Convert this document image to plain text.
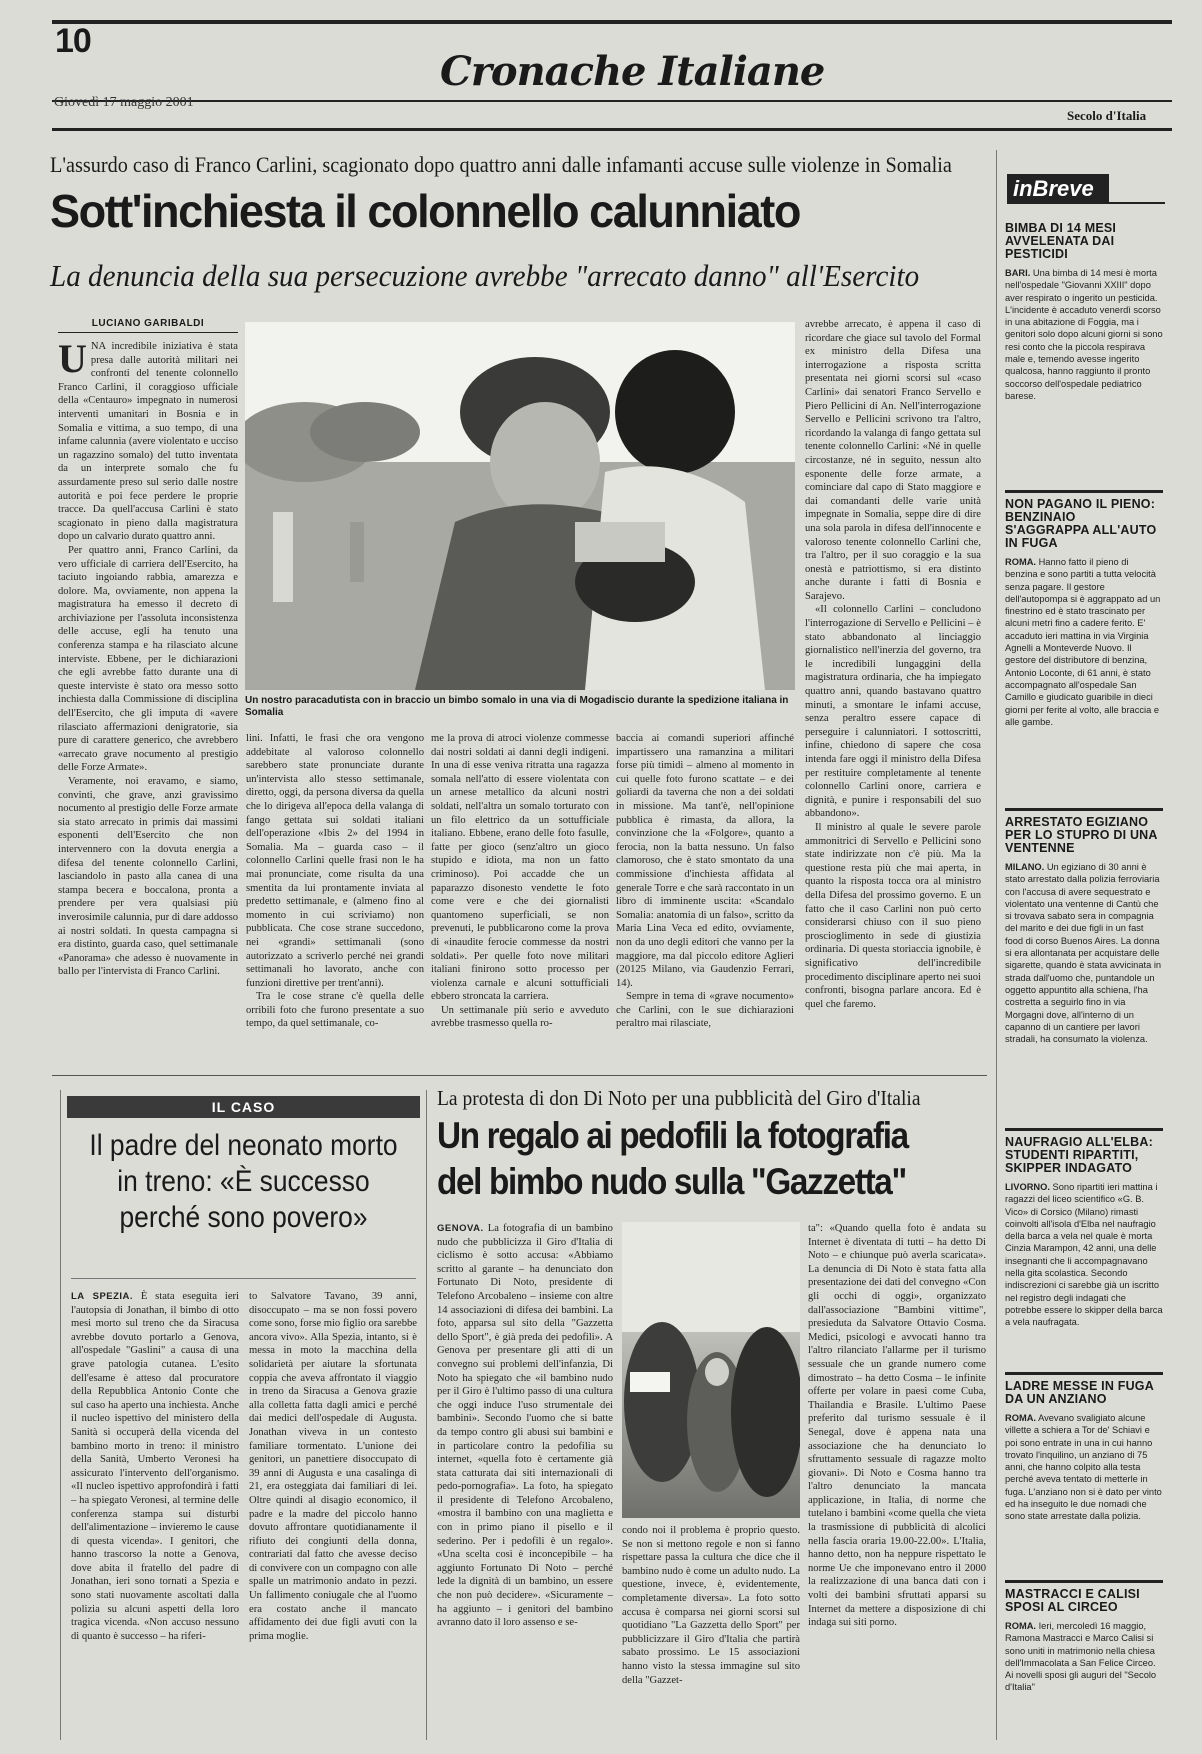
10
Cronache Italiane
Giovedì 17 maggio 2001
Secolo d'Italia
L'assurdo caso di Franco Carlini, scagionato dopo quattro anni dalle infamanti accuse sulle violenze in Somalia
Sott'inchiesta il colonnello calunniato
La denuncia della sua persecuzione avrebbe "arrecato danno" all'Esercito
LUCIANO GARIBALDI

UNA incredibile iniziativa è stata presa dalle autorità militari nei confronti del tenente colonnello Franco Carlini, il coraggioso ufficiale della «Centauro» impegnato in numerosi interventi umanitari in Bosnia e in Somalia e vittima, a suo tempo, di una infame calunnia (avere violentato e ucciso un ragazzino somalo) del tutto inventata da un interprete somalo che fu assurdamente preso sul serio dalle nostre autorità e poi fece perdere le proprie tracce. Da quell'accusa Carlini è stato scagionato in pieno dalla magistratura dopo un calvario durato quattro anni.

Per quattro anni, Franco Carlini, da vero ufficiale di carriera dell'Esercito, ha taciuto ingoiando rabbia, amarezza e dolore. Ma, ovviamente, non appena la magistratura ha emesso il decreto di archiviazione per l'assoluta inconsistenza delle accuse, egli ha tenuto una conferenza stampa e ha rilasciato alcune interviste. Ebbene, per le dichiarazioni che egli avrebbe fatto durante una di queste interviste è stato ora messo sotto inchiesta dalla Commissione di disciplina dell'Esercito, che gli imputa di «avere rilasciato affermazioni denigratorie, sia pure di carattere generico, che avrebbero «arrecato grave nocumento al prestigio delle Forze Armate».

Veramente, noi eravamo, e siamo, convinti, che grave, anzi gravissimo nocumento al prestigio delle Forze armate sia stato arrecato in primis dai massimi esponenti dell'Esercito che non intervennero con la dovuta energia a difesa del tenente colonnello Carlini, lasciandolo in pasto alla canea di una stampa becera e boccalona, pronta a prendere per vera qualsiasi più inverosimile calunnia, pur di dare addosso ai nostri soldati. In questa campagna si era distinto, guarda caso, quel settimanale «Panorama» che adesso è nuovamente in ballo per l'intervista di Franco Carlini.

Un nostro paracadutista con in braccio un bimbo somalo in una via di Mogadiscio durante la spedizione italiana in Somalia

avrebbe arrecato, è appena il caso di ricordare che giace sul tavolo del Formal ex ministro della Difesa una interrogazione a risposta scritta presentata nei giorni scorsi sul «caso Carlini» dai senatori Franco Servello e Piero Pellicini di An. Nell'interrogazione Servello e Pellicini scrivono tra l'altro, ricordando la valanga di fango gettata sul tenente colonnello Carlini: «Né in quelle circostanze, né in seguito, nessun alto esponente delle forze armate, a cominciare dal capo di Stato maggiore e dai comandanti delle varie unità impegnate in Somalia, seppe dire di dire una sola parola in difesa dell'innocente e valoroso tenente colonnello Carlini che, tra l'altro, per il suo coraggio e la sua onestà e patriottismo, si era distinto anche durante i fatti di Bosnia e Sarajevo.

«Il colonnello Carlini – concludono l'interrogazione di Servello e Pellicini – è stato abbandonato al linciaggio giornalistico nell'inerzia del governo, tra le incredibili lungaggini della magistratura ordinaria, che ha impiegato quattro anni, quando bastavano quattro minuti, a smontare le infami accuse, senza peraltro essere capace di perseguire i calunniatori. I sottoscritti, infine, chiedono di sapere che cosa intenda fare oggi il ministro della Difesa per restituire completamente al tenente colonnello Carlini onore, carriera e dignità, e punire i responsabili del suo abbandono».

Il ministro al quale le severe parole ammonitrici di Servello e Pellicini sono state indirizzate non c'è più. Ma la questione resta più che mai aperta, in quanto la risposta tocca ora al ministro della Difesa del prossimo governo. E un fatto che il caso Carlini non può certo considerarsi chiuso con il suo pieno proscioglimento in sede di giustizia ordinaria. Di questa storiaccia ignobile, è significativo dell'incredibile procedimento disciplinare aperto nei suoi confronti, bisogna parlare ancora. Ed è quel che faremo.

lini. Infatti, le frasi che ora vengono addebitate al valoroso colonnello sarebbero state pronunciate durante un'intervista allo stesso settimanale, diretto, oggi, da persona diversa da quella che lo dirigeva all'epoca della valanga di fango gettata sui soldati italiani dell'operazione «Ibis 2» del 1994 in Somalia. Ma – guarda caso – il colonnello Carlini quelle frasi non le ha mai pronunciate, come risulta da una smentita da lui prontamente inviata al predetto settimanale, e (almeno fino al momento in cui scriviamo) non pubblicata. Che cose strane succedono, nei «grandi» settimanali (sono autorizzato a scriverlo perché nei grandi settimanali ho lavorato, anche con funzioni direttive per trent'anni).

Tra le cose strane c'è quella delle orribili foto che furono presentate a suo tempo, da quel settimanale, co-

me la prova di atroci violenze commesse dai nostri soldati ai danni degli indigeni. In una di esse veniva ritratta una ragazza somala nell'atto di essere violentata con un arnese metallico da alcuni nostri soldati, nell'altra un somalo torturato con un filo elettrico da un sottufficiale italiano. Ebbene, erano delle foto fasulle, fatte per gioco (senz'altro un gioco stupido e idiota, ma non un fatto criminoso). Poi accadde che un paparazzo disonesto vendette le foto come vere e che dei giornalisti quantomeno superficiali, se non prevenuti, le pubblicarono come la prova di «inaudite ferocie commesse da nostri soldati». Per quelle foto nove militari italiani finirono sotto processo per violenza carnale e alcuni sottufficiali ebbero stroncata la carriera.

Un settimanale più serio e avveduto avrebbe trasmesso quella ro-

baccia ai comandi superiori affinché impartissero una ramanzina a militari forse più timidi – almeno al momento in cui quelle foto furono scattate – e dei goliardi da taverna che non a dei soldati in missione. Ma tant'è, nell'opinione pubblica è rimasta, da allora, la convinzione che la «Folgore», quanto a ferocia, non la batta nessuno. Un falso clamoroso, che è stato smontato da una commissione d'inchiesta affidata al generale Torre e che sarà raccontato in un libro di imminente uscita: «Scandalo Somalia: anatomia di un falso», scritto da Maria Lina Veca ed edito, ovviamente, non da uno degli editori che vanno per la maggiore, ma dal piccolo editore Aglieri (20125 Milano, via Gaudenzio Ferrari, 14).

Sempre in tema di «grave nocumento» che Carlini, con le sue dichiarazioni peraltro mai rilasciate,

inBreve
BIMBA DI 14 MESI AVVELENATA DAI PESTICIDI
BARI. Una bimba di 14 mesi è morta nell'ospedale "Giovanni XXIII" dopo aver respirato o ingerito un pesticida. L'incidente è accaduto venerdì scorso in una abitazione di Foggia, ma i genitori solo dopo alcuni giorni si sono resi conto che la piccola respirava male e, temendo avesse ingerito qualcosa, hanno raggiunto il pronto soccorso dell'ospedale pediatrico barese.
NON PAGANO IL PIENO: BENZINAIO S'AGGRAPPA ALL'AUTO IN FUGA
ROMA. Hanno fatto il pieno di benzina e sono partiti a tutta velocità senza pagare. Il gestore dell'autopompa si è aggrappato ad un finestrino ed è stato trascinato per alcuni metri fino a cadere ferito. E' accaduto ieri mattina in via Virginia Agnelli a Monteverde Nuovo. Il gestore del distributore di benzina, Antonio Loconte, di 61 anni, è stato accompagnato all'ospedale San Camillo e giudicato guaribile in dieci giorni per ferite al volto, alle braccia e alle gambe.
ARRESTATO EGIZIANO PER LO STUPRO DI UNA VENTENNE
MILANO. Un egiziano di 30 anni è stato arrestato dalla polizia ferroviaria con l'accusa di avere sequestrato e violentato una ventenne di Cantù che si trovava sabato sera in compagnia del marito e dei due figli in un fast food di corso Buenos Aires. La donna si era allontanata per acquistare delle sigarette, quando è stata avvicinata in strada dall'uomo che, puntandole un oggetto appuntito alla schiena, l'ha costretta a seguirlo fino in via Morgagni dove, all'interno di un capanno di un cantiere per lavori stradali, ha consumato la violenza.
NAUFRAGIO ALL'ELBA: STUDENTI RIPARTITI, SKIPPER INDAGATO
LIVORNO. Sono ripartiti ieri mattina i ragazzi del liceo scientifico «G. B. Vico» di Corsico (Milano) rimasti coinvolti all'isola d'Elba nel naufragio della barca a vela nel quale è morta Cinzia Marampon, 42 anni, una delle insegnanti che li accompagnavano nella gita scolastica. Secondo indiscrezioni ci sarebbe già un iscritto nel registro degli indagati che potrebbe essere lo skipper della barca a vela naufragata.
LADRE MESSE IN FUGA DA UN ANZIANO
ROMA. Avevano svaligiato alcune villette a schiera a Tor de' Schiavi e poi sono entrate in una in cui hanno trovato l'inquilino, un anziano di 75 anni, che hanno colpito alla testa perché aveva tentato di metterle in fuga. L'anziano non si è dato per vinto ed ha inseguito le due nomadi che sono state arrestate dalla polizia.
MASTRACCI E CALISI SPOSI AL CIRCEO
ROMA. Ieri, mercoledì 16 maggio, Ramona Mastracci e Marco Calisi si sono uniti in matrimonio nella chiesa dell'Immacolata a San Felice Circeo. Ai novelli sposi gli auguri del "Secolo d'Italia"
IL CASO
Il padre del neonato morto in treno: «È successo perché sono povero»

LA SPEZIA. È stata eseguita ieri l'autopsia di Jonathan, il bimbo di otto mesi morto sul treno che da Siracusa avrebbe dovuto portarlo a Genova, all'ospedale "Gaslini" a causa di una grave patologia cutanea. L'esito dell'esame è atteso dal procuratore della Repubblica Antonio Conte che sul caso ha aperto una inchiesta. Anche il nucleo ispettivo del ministero della Sanità si occuperà della vicenda del bambino morto in treno: il ministro della Sanità, Umberto Veronesi ha assicurato l'intervento dell'organismo. «Il nucleo ispettivo approfondirà i fatti – ha spiegato Veronesi, al termine delle conferenza stampa sui disturbi dell'alimentazione – invieremo le cause di questa vicenda». I genitori, che hanno trascorso la notte a Genova, dove abita il fratello del padre di Jonathan, ieri sono tornati a Spezia e sono stati nuovamente ascoltati dalla polizia su alcuni aspetti della loro tragica vicenda. «Non accuso nessuno di quanto è successo – ha riferi-

to Salvatore Tavano, 39 anni, disoccupato – ma se non fossi povero come sono, forse mio figlio ora sarebbe ancora vivo». Alla Spezia, intanto, si è messa in moto la macchina della solidarietà per aiutare la sfortunata coppia che aveva affrontato il viaggio in treno da Siracusa a Genova grazie alla colletta fatta dagli amici e perché dai medici dell'ospedale di Augusta. Jonathan viveva in un contesto familiare tormentato. L'unione dei genitori, un panettiere disoccupato di 39 anni di Augusta e una casalinga di 21, era osteggiata dai familiari di lei. Oltre quindi al disagio economico, il padre e la madre del piccolo hanno dovuto affrontare quotidianamente il rifiuto dei congiunti della donna, contrariati dal fatto che avesse deciso di convivere con un compagno con alle spalle un matrimonio andato in pezzi. Un fallimento coniugale che al l'uomo era costato anche il mancato affidamento dei due figli avuti con la prima moglie.

La protesta di don Di Noto per una pubblicità del Giro d'Italia
Un regalo ai pedofili la fotografia
del bimbo nudo sulla "Gazzetta"

GENOVA. La fotografia di un bambino nudo che pubblicizza il Giro d'Italia di ciclismo è sotto accusa: «Abbiamo scritto al garante – ha denunciato don Fortunato Di Noto, presidente di Telefono Arcobaleno – insieme con altre 14 associazioni di difesa dei bambini. La foto, apparsa sul sito della "Gazzetta dello Sport", è già preda dei pedofili». A Genova per presentare gli atti di un convegno sui problemi dell'infanzia, Di Noto ha spiegato che «il bambino nudo per il Giro è l'ultimo passo di una cultura che oggi induce l'uso strumentale dei bambini». Secondo l'uomo che si batte da tempo contro gli abusi sui bambini e in particolare contro la pedofilia su internet, «quella foto è certamente già stata catturata dai siti internazionali di pedo-pornografia». La foto, ha spiegato il presidente di Telefono Arcobaleno, «mostra il bambino con una maglietta e con in primo piano il pisello e il sederino. Per i pedofili è un regalo». «Una scelta così è inconcepibile – ha aggiunto Fortunato Di Noto – perché lede la dignità di un bambino, un essere che non può decidere». «Sicuramente – ha aggiunto – i genitori del bambino avranno dato il loro assenso e se-

condo noi il problema è proprio questo. Se non si mettono regole e non si fanno rispettare passa la cultura che dice che il bambino nudo è come un adulto nudo. La questione, invece, è, evidentemente, completamente diversa». La foto sotto accusa è comparsa nei giorni scorsi sul quotidiano "La Gazzetta dello Sport" per pubblicizzare il Giro d'Italia che partirà sabato prossimo. Le 15 associazioni hanno visto la stessa immagine sul sito della "Gazzet-

ta": «Quando quella foto è andata su Internet è diventata di tutti – ha detto Di Noto – e chiunque può averla scaricata». La denuncia di Di Noto è stata fatta alla presentazione dei dati del convegno «Con gli occhi di oggi», organizzato dall'associazione "Bambini vittime", presieduta da Salvatore Ottavio Cosma. Medici, psicologi e avvocati hanno tra l'altro rilanciato l'allarme per il turismo sessuale che un grande numero come dimostrato – ha detto Cosma – le infinite offerte per volare in paesi come Cuba, Thailandia e Brasile. L'ultimo Paese preferito dal turismo sessuale è il Senegal, dove è appena nata una associazione che ha denunciato lo sfruttamento sessuale di ragazze molto giovani». Di Noto e Cosma hanno tra l'altro denunciato la mancata applicazione, in Italia, di norme che tutelano i bambini «come quella che vieta la trasmissione di pubblicità di alcolici nella fascia oraria 19.00-22.00». L'Italia, hanno detto, non ha neppure rispettato le norme Ue che imponevano entro il 2000 la realizzazione di una banca dati con i volti dei bambini sfruttati apparsi su Internet da mettere a disposizione di chi indaga sui siti porno.
